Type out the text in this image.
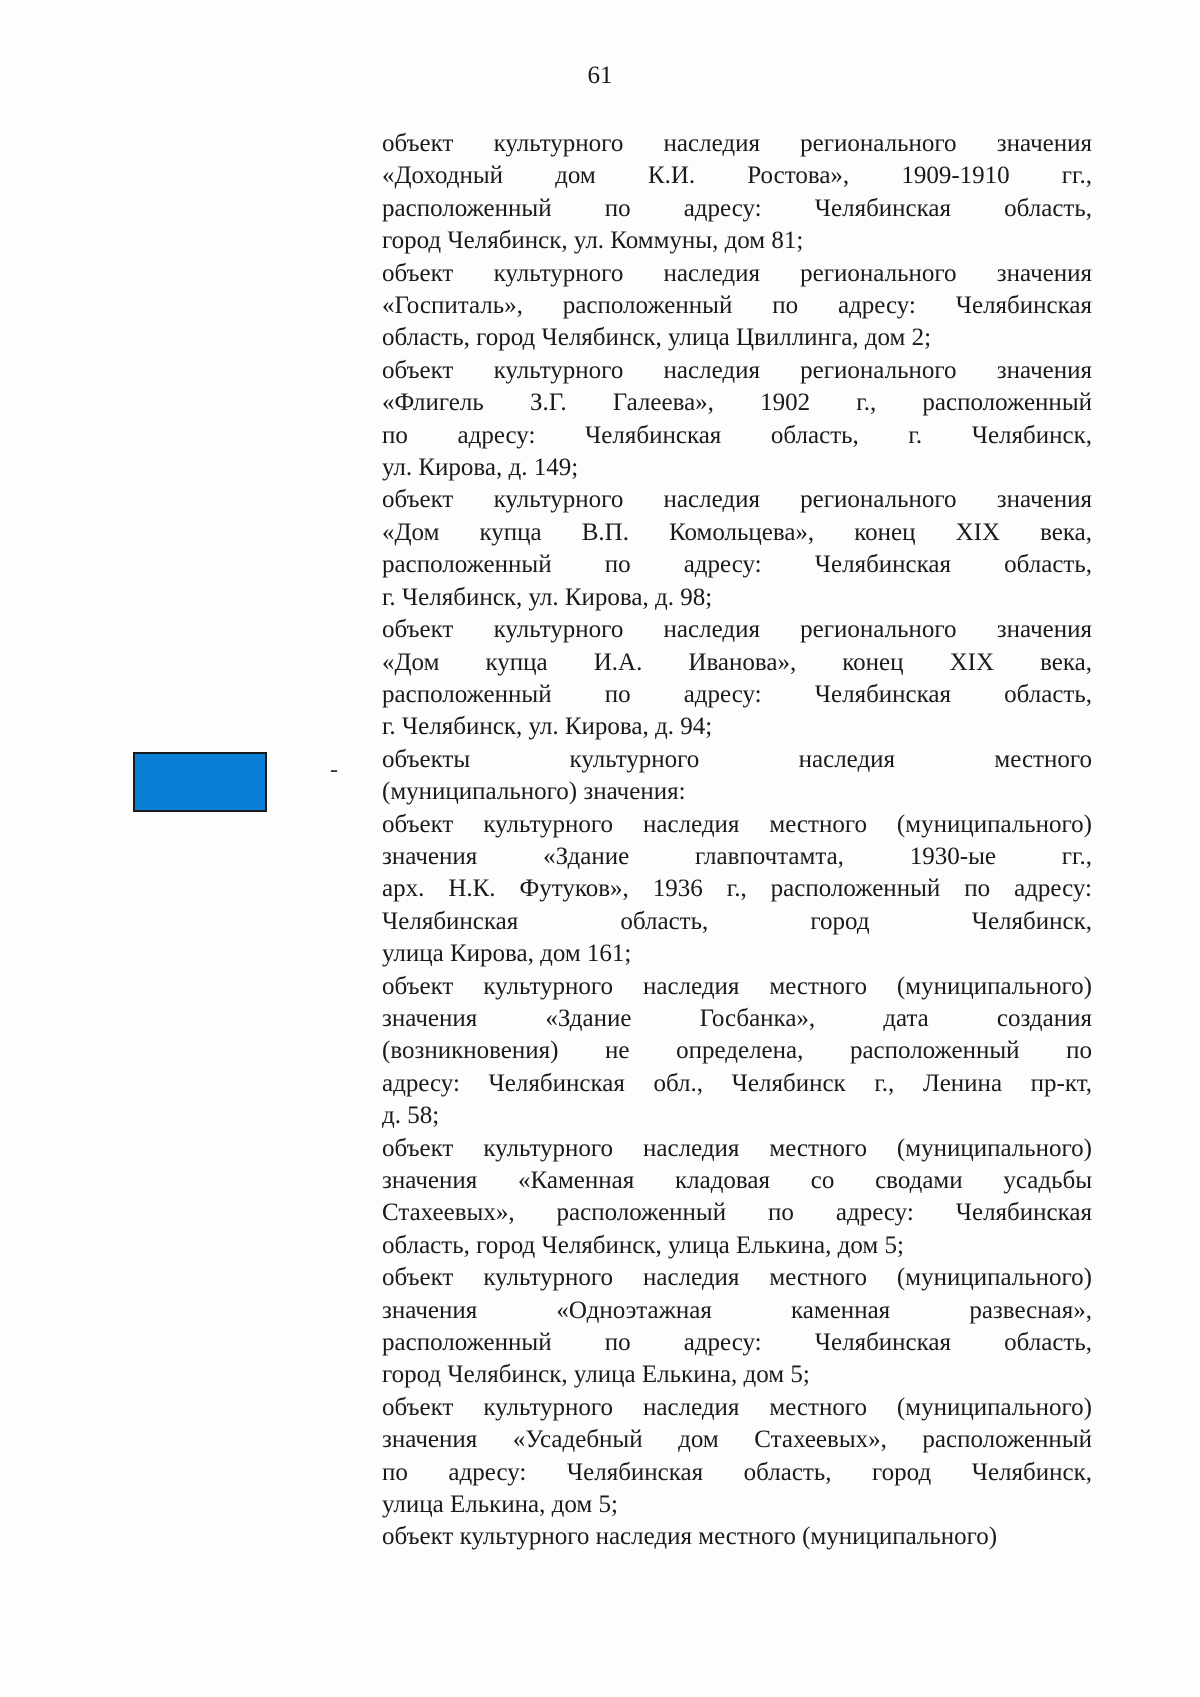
61
-
объект культурного наследия регионального значения
«Доходный дом К.И. Ростова», 1909-1910 гг.,
расположенный по адресу: Челябинская область,
город Челябинск, ул. Коммуны, дом 81;
объект культурного наследия регионального значения
«Госпиталь», расположенный по адресу: Челябинская
область, город Челябинск, улица Цвиллинга, дом 2;
объект культурного наследия регионального значения
«Флигель З.Г. Галеева», 1902 г., расположенный
по адресу: Челябинская область, г. Челябинск,
ул. Кирова, д. 149;
объект культурного наследия регионального значения
«Дом купца В.П. Комольцева», конец XIX века,
расположенный по адресу: Челябинская область,
г. Челябинск, ул. Кирова, д. 98;
объект культурного наследия регионального значения
«Дом купца И.А. Иванова», конец XIX века,
расположенный по адресу: Челябинская область,
г. Челябинск, ул. Кирова, д. 94;
объекты культурного наследия местного
(муниципального) значения:
объект культурного наследия местного (муниципального)
значения «Здание главпочтамта, 1930-ые гг.,
арх. Н.К. Футуков», 1936 г., расположенный по адресу:
Челябинская область, город Челябинск,
улица Кирова, дом 161;
объект культурного наследия местного (муниципального)
значения «Здание Госбанка», дата создания
(возникновения) не определена, расположенный по
адресу: Челябинская обл., Челябинск г., Ленина пр-кт,
д. 58;
объект культурного наследия местного (муниципального)
значения «Каменная кладовая со сводами усадьбы
Стахеевых», расположенный по адресу: Челябинская
область, город Челябинск, улица Елькина, дом 5;
объект культурного наследия местного (муниципального)
значения «Одноэтажная каменная развесная»,
расположенный по адресу: Челябинская область,
город Челябинск, улица Елькина, дом 5;
объект культурного наследия местного (муниципального)
значения «Усадебный дом Стахеевых», расположенный
по адресу: Челябинская область, город Челябинск,
улица Елькина, дом 5;
объект культурного наследия местного (муниципального)
